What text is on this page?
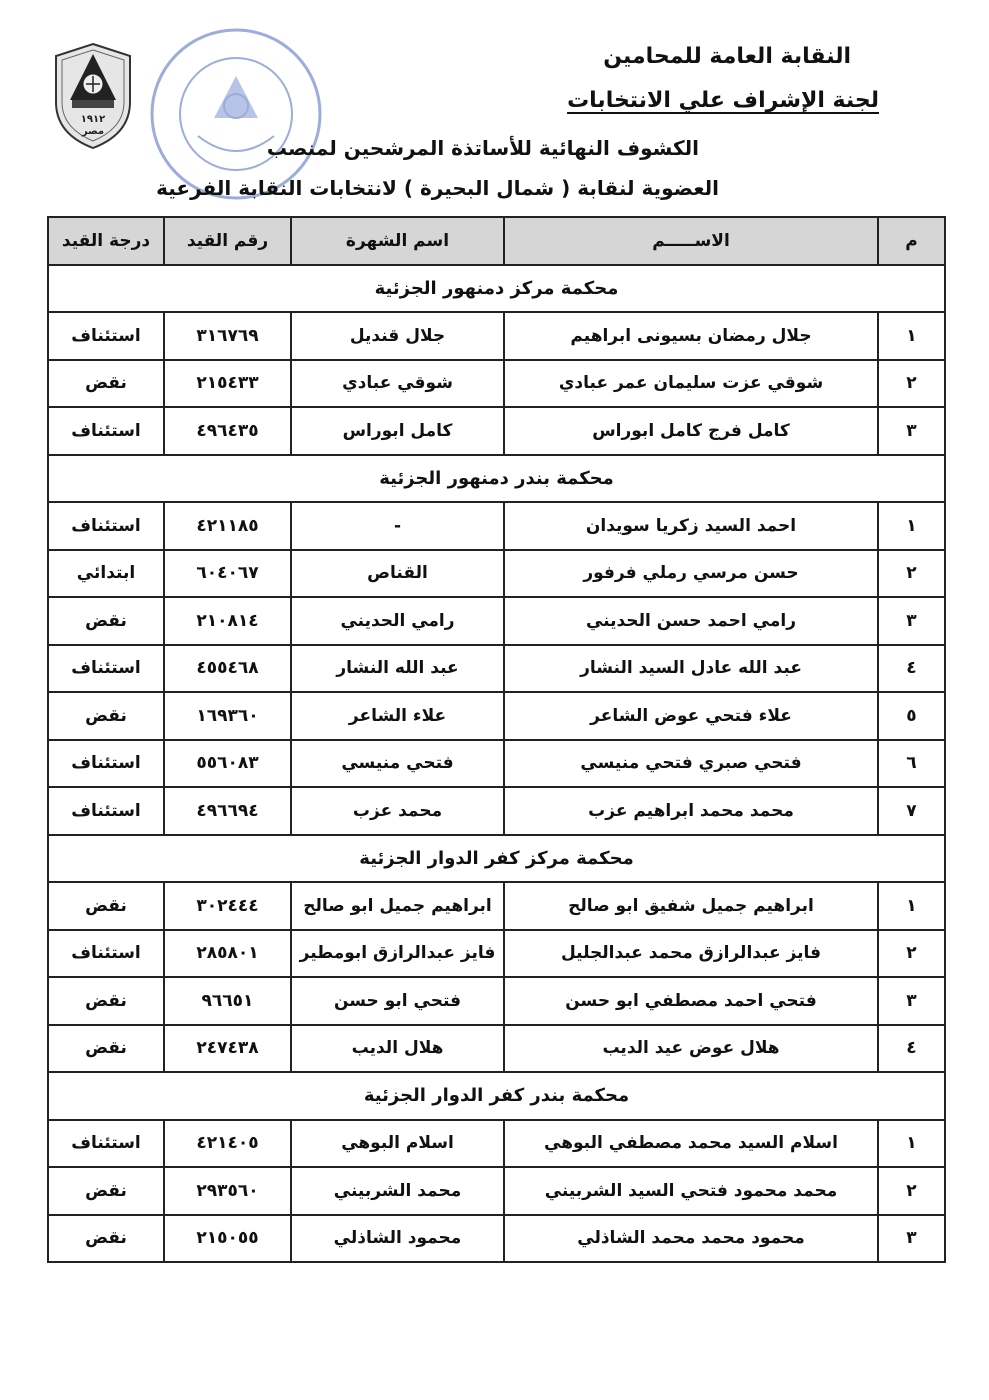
١٩١٢
مصر
النقابة العامة للمحامين
لجنة الإشراف علي الانتخابات
الكشوف النهائية للأساتذة المرشحين لمنصب
العضوية لنقابة ( شمال البحيرة ) لانتخابات النقابة الفرعية
م	الاســـــم	اسم الشهرة	رقم القيد	درجة القيد
محكمة مركز دمنهور الجزئية				
١	جلال رمضان بسيونى ابراهيم	جلال قنديل	٣١٦٧٦٩	استئناف
٢	شوقي عزت سليمان عمر عبادي	شوقي عبادي	٢١٥٤٣٣	نقض
٣	كامل فرج كامل ابوراس	كامل ابوراس	٤٩٦٤٣٥	استئناف
محكمة بندر دمنهور الجزئية				
١	احمد السيد زكريا سويدان	-	٤٢١١٨٥	استئناف
٢	حسن مرسي رملي فرفور	القناص	٦٠٤٠٦٧	ابتدائي
٣	رامي احمد حسن الحديني	رامي الحديني	٢١٠٨١٤	نقض
٤	عبد الله عادل السيد النشار	عبد الله النشار	٤٥٥٤٦٨	استئناف
٥	علاء فتحي عوض الشاعر	علاء الشاعر	١٦٩٣٦٠	نقض
٦	فتحي صبري فتحي منيسي	فتحي منيسي	٥٥٦٠٨٣	استئناف
٧	محمد محمد ابراهيم عزب	محمد عزب	٤٩٦٦٩٤	استئناف
محكمة مركز كفر الدوار الجزئية				
١	ابراهيم جميل شفيق ابو صالح	ابراهيم جميل ابو صالح	٣٠٢٤٤٤	نقض
٢	فايز عبدالرازق محمد عبدالجليل	فايز عبدالرازق ابومطير	٢٨٥٨٠١	استئناف
٣	فتحي احمد مصطفي ابو حسن	فتحي ابو حسن	٩٦٦٥١	نقض
٤	هلال عوض عيد الديب	هلال الديب	٢٤٧٤٣٨	نقض
محكمة بندر كفر الدوار الجزئية				
١	اسلام السيد محمد مصطفي البوهي	اسلام البوهي	٤٢١٤٠٥	استئناف
٢	محمد محمود فتحي السيد الشربيني	محمد الشربيني	٢٩٣٥٦٠	نقض
٣	محمود محمد محمد الشاذلي	محمود الشاذلي	٢١٥٠٥٥	نقض
